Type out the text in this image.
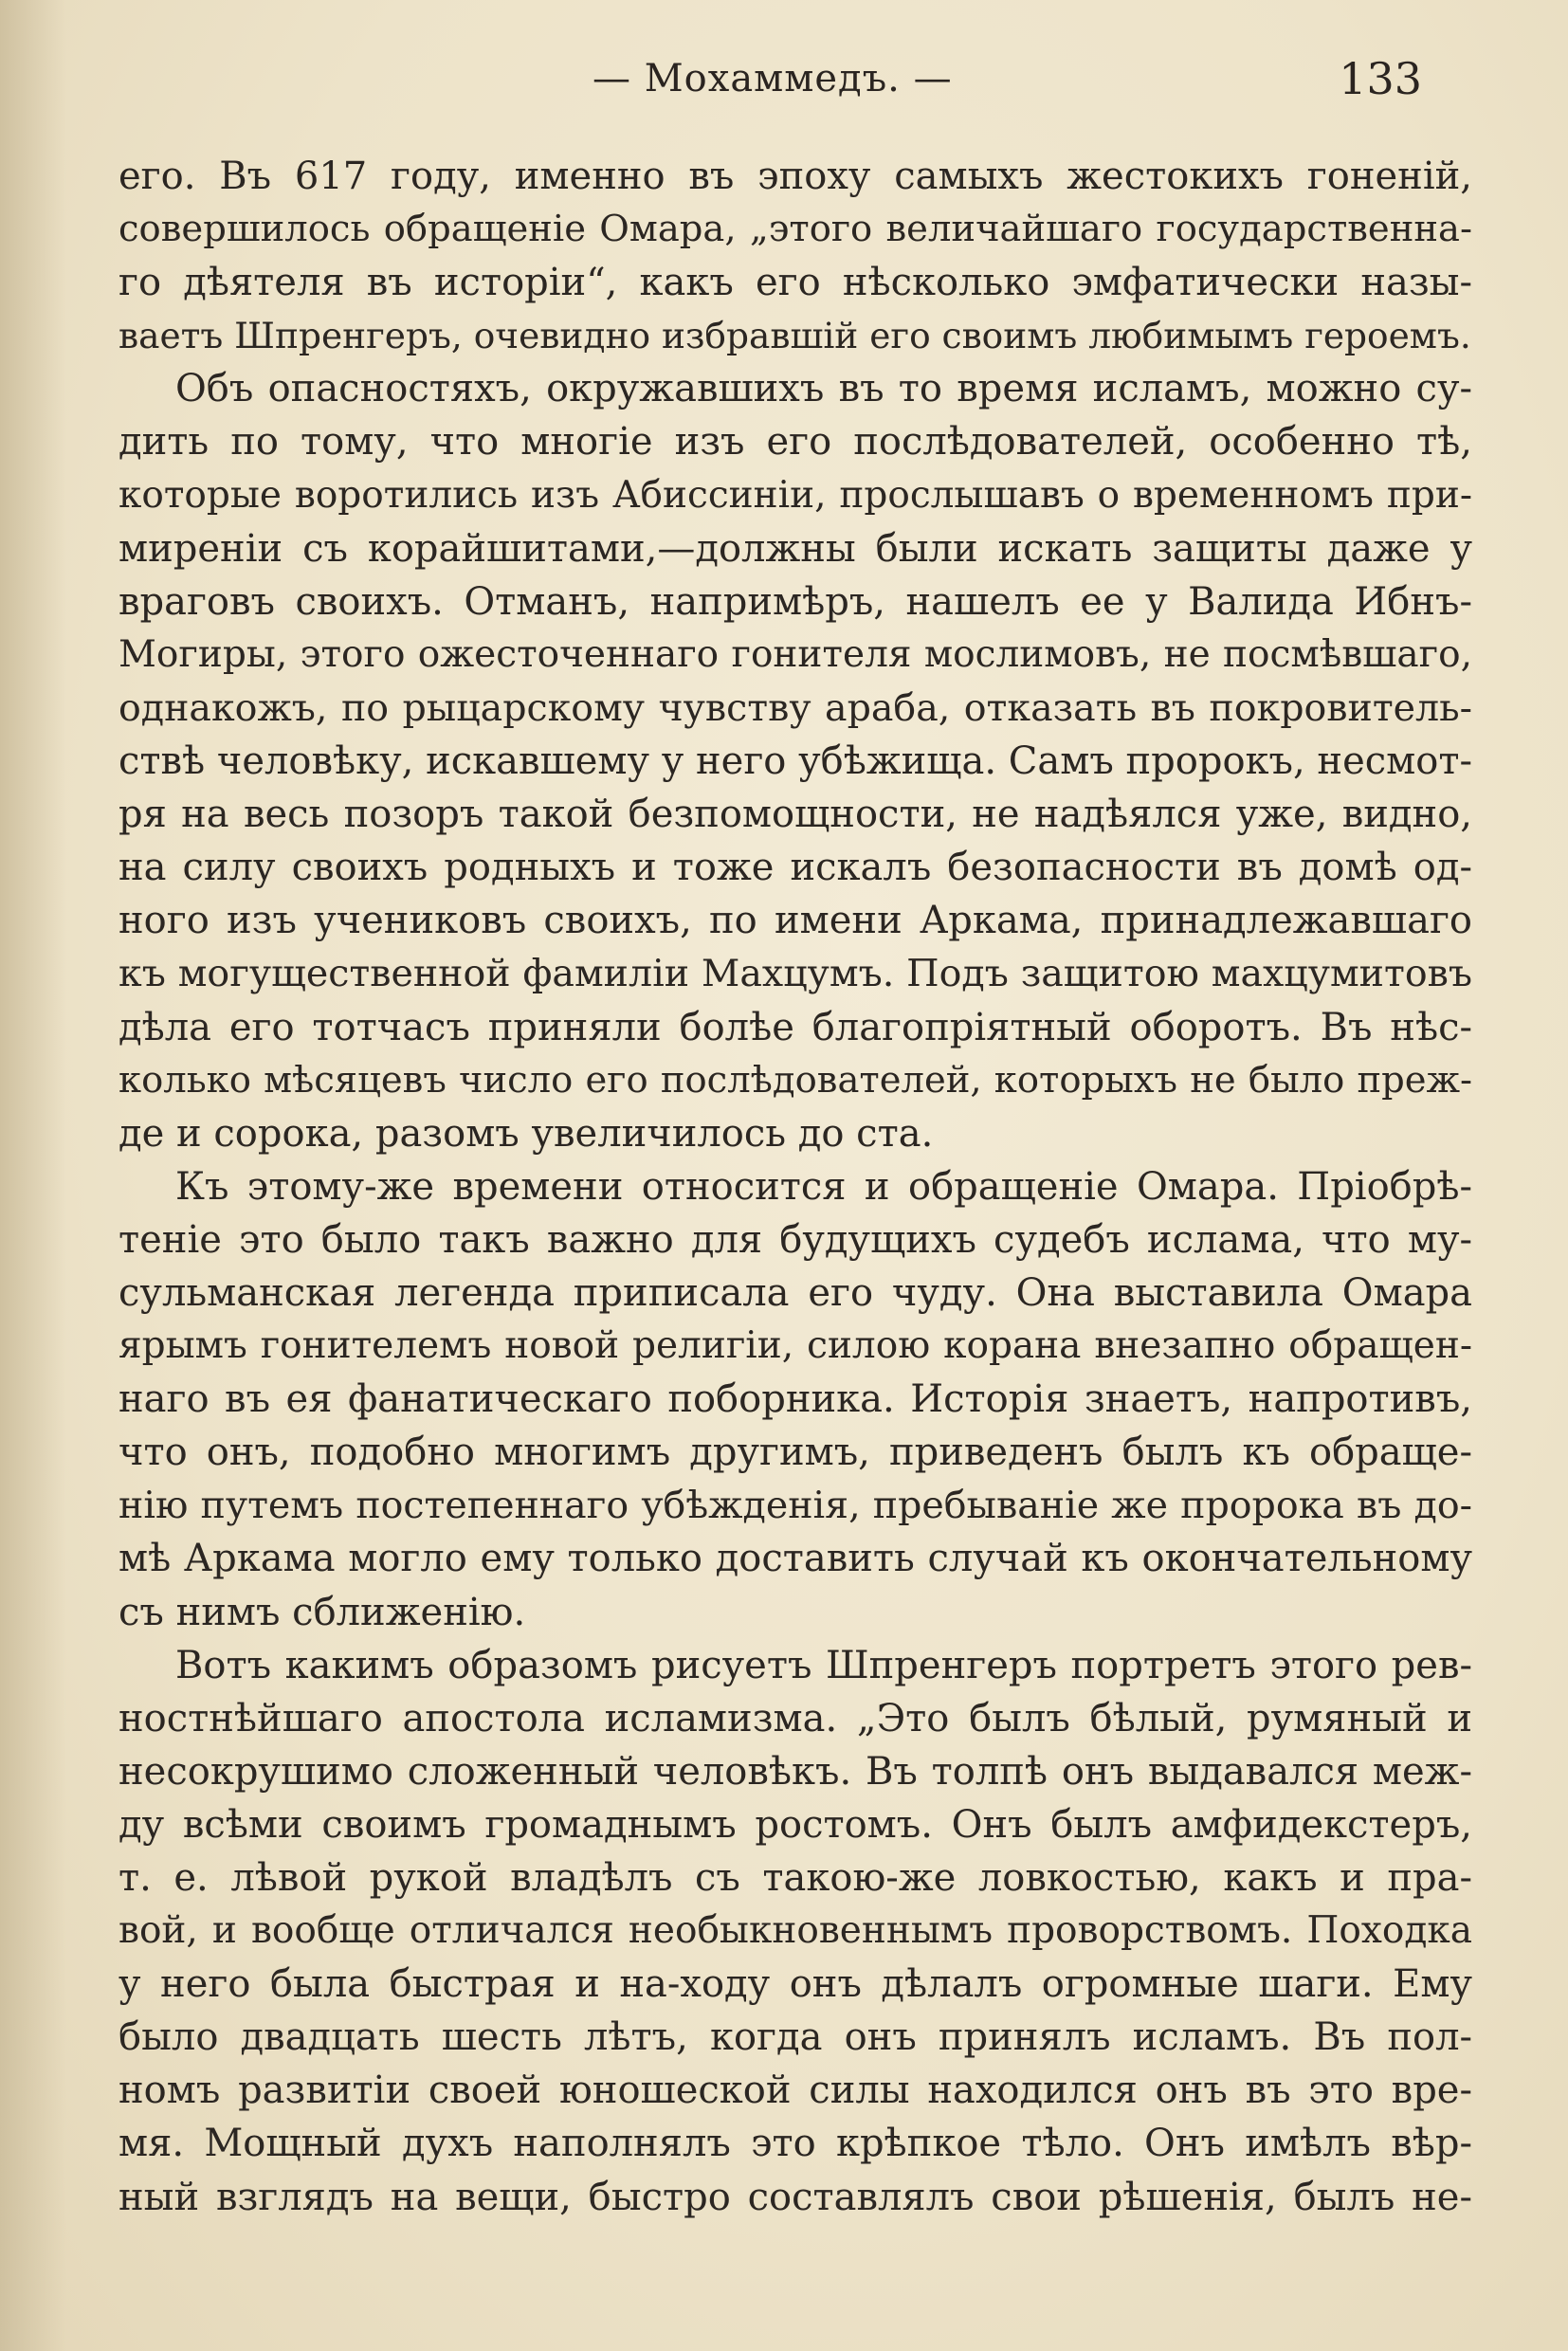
— Мохаммедъ. —	133
его. Въ 617 году, именно въ эпоху самыхъ жестокихъ гоненій,
совершилось обращеніе Омара, „этого величайшаго государственна-
го дѣятеля въ исторіи“, какъ его нѣсколько эмфатически назы-
ваетъ Шпренгеръ, очевидно избравшій его своимъ любимымъ героемъ.
Объ опасностяхъ, окружавшихъ въ то время исламъ, можно су-
дить по тому, что многіе изъ его послѣдователей, особенно тѣ,
которые воротились изъ Абиссиніи, прослышавъ о временномъ при-
миреніи съ корайшитами,—должны были искать защиты даже у
враговъ своихъ. Отманъ, напримѣръ, нашелъ ее у Валида Ибнъ-
Могиры, этого ожесточеннаго гонителя мослимовъ, не посмѣвшаго,
однакожъ, по рыцарскому чувству араба, отказать въ покровитель-
ствѣ человѣку, искавшему у него убѣжища. Самъ пророкъ, несмот-
ря на весь позоръ такой безпомощности, не надѣялся уже, видно,
на силу своихъ родныхъ и тоже искалъ безопасности въ домѣ од-
ного изъ учениковъ своихъ, по имени Аркама, принадлежавшаго
къ могущественной фамиліи Махцумъ. Подъ защитою махцумитовъ
дѣла его тотчасъ приняли болѣе благопріятный оборотъ. Въ нѣс-
колько мѣсяцевъ число его послѣдователей, которыхъ не было преж-
де и сорока, разомъ увеличилось до ста.
Къ этому-же времени относится и обращеніе Омара. Пріобрѣ-
теніе это было такъ важно для будущихъ судебъ ислама, что му-
сульманская легенда приписала его чуду. Она выставила Омара
ярымъ гонителемъ новой религіи, силою корана внезапно обращен-
наго въ ея фанатическаго поборника. Исторія знаетъ, напротивъ,
что онъ, подобно многимъ другимъ, приведенъ былъ къ обраще-
нію путемъ постепеннаго убѣжденія, пребываніе же пророка въ до-
мѣ Аркама могло ему только доставить случай къ окончательному
съ нимъ сближенію.
Вотъ какимъ образомъ рисуетъ Шпренгеръ портретъ этого рев-
ностнѣйшаго апостола исламизма. „Это былъ бѣлый, румяный и
несокрушимо сложенный человѣкъ. Въ толпѣ онъ выдавался меж-
ду всѣми своимъ громаднымъ ростомъ. Онъ былъ амфидекстеръ,
т. е. лѣвой рукой владѣлъ съ такою-же ловкостью, какъ и пра-
вой, и вообще отличался необыкновеннымъ проворствомъ. Походка
у него была быстрая и на-ходу онъ дѣлалъ огромные шаги. Ему
было двадцать шесть лѣтъ, когда онъ принялъ исламъ. Въ пол-
номъ развитіи своей юношеской силы находился онъ въ это вре-
мя. Мощный духъ наполнялъ это крѣпкое тѣло. Онъ имѣлъ вѣр-
ный взглядъ на вещи, быстро составлялъ свои рѣшенія, былъ не-
